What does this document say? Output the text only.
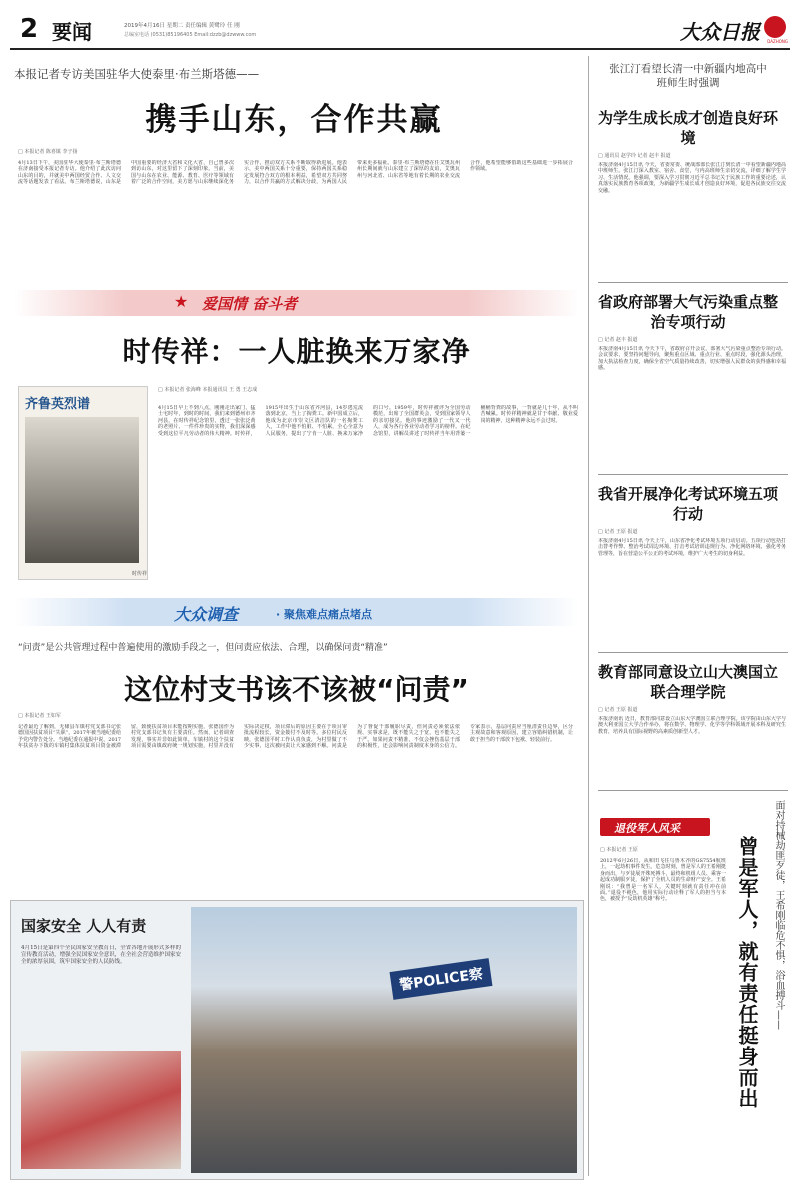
2 要闻	2019年4月16日 星期二 责任编辑 黄鹭玲 任 刚
总编室电话 (0531)85196405 Email:dzzb@dzwww.com	大众日报 DAZHONG
本报记者专访美国驻华大使泰里·布兰斯塔德——
携手山东，合作共赢
□ 本报记者 陈喜镇 李子扬
4月13日下午，美国驻华大使泰里·布兰斯塔德在济南接受本报记者专访。他介绍了此次访问山东的目的，并就美中两国经贸合作、人文交流等话题发表了看法。布兰斯塔德说，山东是中国重要的经济大省和文化大省，自己曾多次到访山东，对这里留下了深刻印象。当前，美国与山东在农业、能源、教育、医疗等领域有着广泛的合作空间，美方愿与山东继续深化务实合作，推动双方关系不断取得新进展。他表示，美中两国关系十分重要，保持两国关系稳定发展符合双方的根本利益，希望双方共同努力，以合作共赢的方式解决分歧，为两国人民带来更多福祉。泰里·布兰斯塔德在任艾奥瓦州州长期间就与山东建立了深厚的友谊，艾奥瓦州与河北省、山东省等地有着长期的农业交流合作，他希望能够借助这些基础进一步拓展合作领域。
★ 爱国情 奋斗者
时传祥：一人脏换来万家净
齐鲁英烈谱
时传祥
□ 本报记者 张海峰 本报通讯员 王 勇 王志成
4月15日早上不到八点，刚刚走出家门，猛士宅时年，到时的时间，我们来到德州市齐河县，在时传祥纪念馆里，透过一张张泛黄的老照片、一件件珍贵的实物，我们深深感受到这位平凡劳动者的伟大精神。时传祥，1915年出生于山东省齐河县，14岁逃荒流落到北京，当上了掏粪工。新中国成立后，他成为北京市崇文区清洁队的一名掏粪工人，工作中他不怕脏、不怕累，全心全意为人民服务，提出了宁肯一人脏、换来万家净的口号。1959年，时传祥被评为全国劳动模范，出席了全国群英会，受到国家领导人的亲切接见。他的事迹激励了一代又一代人，成为各行各业劳动者学习的榜样。在纪念馆里，讲解员讲述了时传祥当年用背篓一桶桶背粪的故事，一背就是几十年，从不叫苦喊累。时传祥精神就是甘于奉献、敬业爱岗的精神，这种精神永远不会过时。
大众调查	· 聚焦难点痛点堵点
“问责”是公共管理过程中普遍使用的激励手段之一，但问责应依法、合理，以确保问责“精准”
这位村支书该不该被“问责”
□ 本报记者 王如军
记者最近了解到，无棣县车镇村党支部书记张德国因扶贫项目“失职”，2017年被当地纪委给予党内警告处分。当地纪委在通报中说，2017年扶贫办下拨的车镇村集体扶贫项目资金被滞留，致使扶贫项目未能按期实施，张德国作为村党支部书记负有主要责任。然而，记者调查发现，事实并非如此简单。车镇村的这个扶贫项目需要由镇政府统一规划实施，村里并没有实际决定权，项目滞后的原因主要在于项目审批流程较长，资金拨付不及时等。多位村民反映，张德国平时工作认真负责，为村里做了不少实事，这次被问责让大家感到不解。问责是为了督促干部履职尽责，但问责必须依法依规、实事求是，既不能失之于宽，也不能失之于严。如果问责不精准，不仅会挫伤基层干部的积极性，还会影响问责制度本身的公信力。专家表示，基层问责应当厘清责任边界，区分主观故意和客观原因，建立容错纠错机制，让敢于担当的干部放下包袱、轻装前行。
国家安全 人人有责
4月15日是第四个全民国家安全教育日，全省各地开展形式多样的宣传教育活动，增强全民国家安全意识，在全社会营造维护国家安全的浓厚氛围，筑牢国家安全的人民防线。
警POLICE察
张江汀看望长清一中新疆内地高中班师生时强调
为学生成长成才创造良好环境
□ 通讯员 赵学玲 记者 赵丰 报道
本报济南4月15日讯 今天，省委常委、统战部部长张江汀到长清一中看望新疆内地高中班师生。张江汀深入教室、宿舍、食堂，与内高班师生亲切交流，详细了解学生学习、生活情况。他强调，要深入学习贯彻习近平总书记关于民族工作的重要论述，认真落实民族教育各项政策，为新疆学生成长成才创造良好环境，促进各民族交往交流交融。
省政府部署大气污染重点整治专项行动
□ 记者 赵丰 报道
本报济南4月15日讯 今天下午，省政府召开会议，部署大气污染重点整治专项行动。会议要求，要坚持问题导向，聚焦重点区域、重点行业、重点时段，强化源头治理，加大执法检查力度，确保全省空气质量持续改善，切实增强人民群众的获得感和幸福感。
我省开展净化考试环境五项行动
□ 记者 王原 报道
本报济南4月15日讯 今天上午，山东省净化考试环境五项行动启动。五项行动包括打击替考作弊、整治考试周边环境、打击考试培训违规行为、净化网络环境、强化考务管理等，旨在营造公平公正的考试环境，维护广大考生的切身利益。
教育部同意设立山大澳国立联合理学院
□ 记者 王原 报道
本报济南讯 近日，教育部同意设立山东大学澳国立联合理学院。该学院由山东大学与澳大利亚国立大学合作举办，将在数学、物理学、化学等学科领域开展本科及研究生教育，培养具有国际视野的高素质创新型人才。
退役军人风采
□ 本报记者 王原
2012年6月26日，从和田飞往乌鲁木齐的GS7554航班上，一起劫机事件发生。危急时刻，曾是军人的王希刚挺身而出，与歹徒展开殊死搏斗，最终和机组人员、乘客一起成功制服歹徒，保护了全机人员的生命财产安全。王希刚说：“我曾是一名军人，关键时刻就有责任冲在前面。”退役不褪色，他用实际行动诠释了军人的担当与本色，被授予“反劫机英雄”称号。	曾是军人，就有责任挺身而出	面对持械劫匪歹徒，王希刚临危不惧，浴血搏斗——
